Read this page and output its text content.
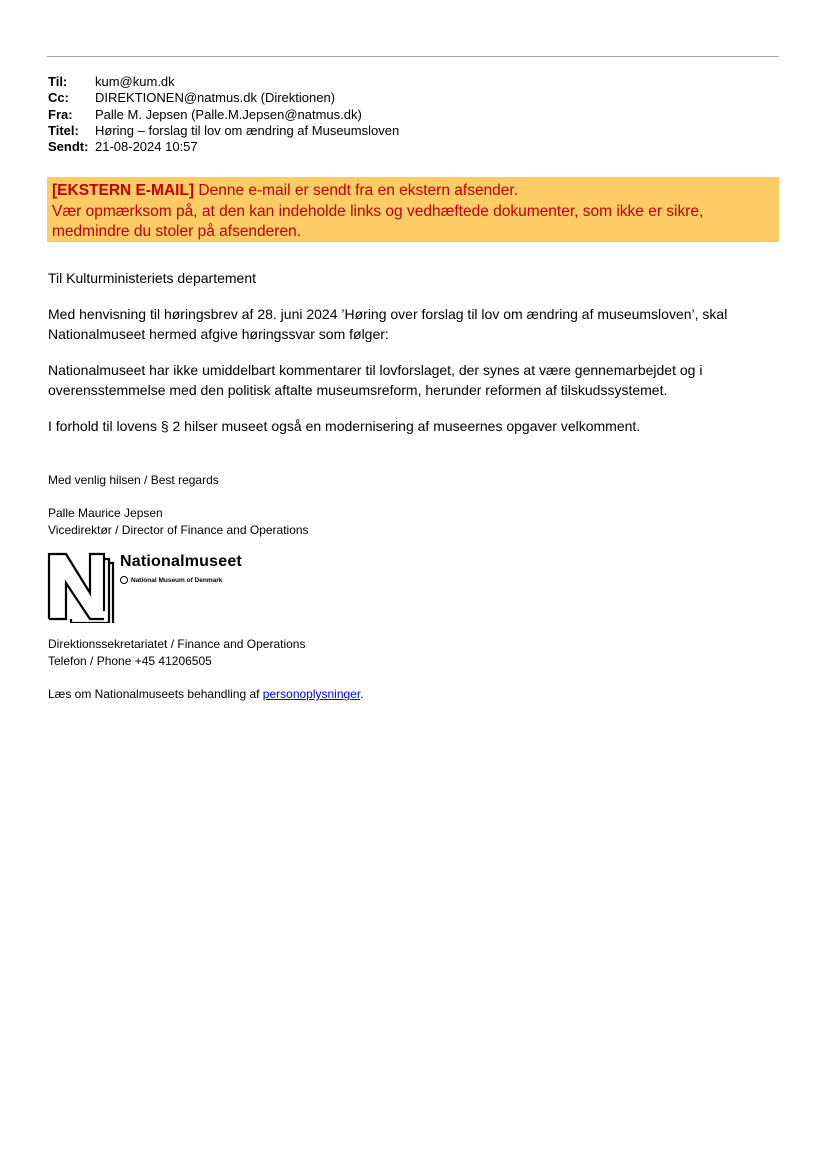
Til:	kum@kum.dk
Cc:	DIREKTIONEN@natmus.dk (Direktionen)
Fra:	Palle M. Jepsen (Palle.M.Jepsen@natmus.dk)
Titel:	Høring – forslag til lov om ændring af Museumsloven
Sendt: 21-08-2024 10:57
[EKSTERN E-MAIL] Denne e-mail er sendt fra en ekstern afsender.
Vær opmærksom på, at den kan indeholde links og vedhæftede dokumenter, som ikke er sikre,
medmindre du stoler på afsenderen.

Til Kulturministeriets departement

Med henvisning til høringsbrev af 28. juni 2024 ’Høring over forslag til lov om ændring af museumsloven’, skal Nationalmuseet hermed afgive høringssvar som følger:

Nationalmuseet har ikke umiddelbart kommentarer til lovforslaget, der synes at være gennemarbejdet og i overensstemmelse med den politisk aftalte museumsreform, herunder reformen af tilskudssystemet.

I forhold til lovens § 2 hilser museet også en modernisering af museernes opgaver velkomment.

Med venlig hilsen / Best regards
Palle Maurice Jepsen
Vicedirektør / Director of Finance and Operations
Nationalmuseet
National Museum of Denmark
Direktionssekretariatet / Finance and Operations
Telefon / Phone +45 41206505
Læs om Nationalmuseets behandling af personoplysninger.
